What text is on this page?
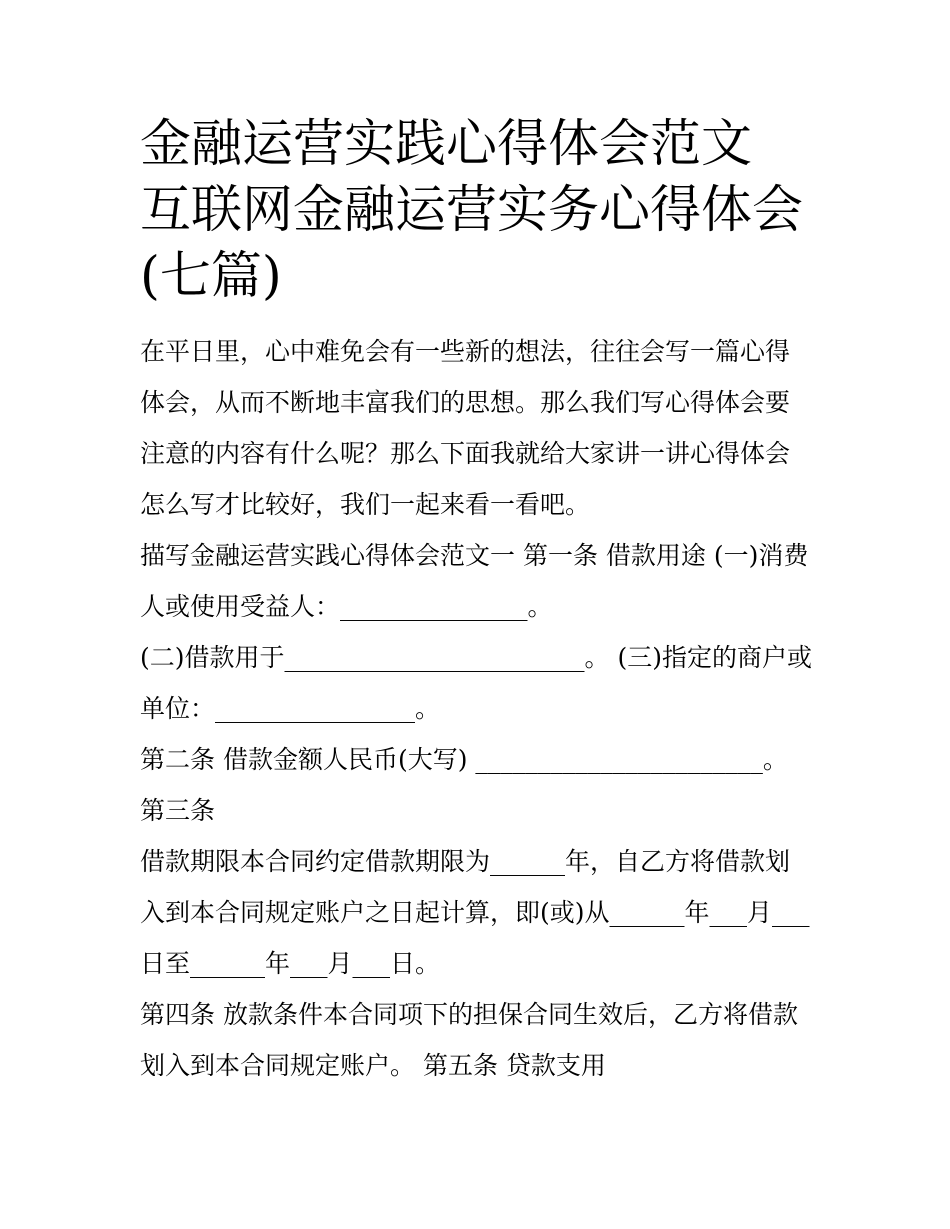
金融运营实践心得体会范文 互联网金融运营实务心得体会(七篇)

在平日里，心中难免会有一些新的想法，往往会写一篇心得体会，从而不断地丰富我们的思想。那么我们写心得体会要注意的内容有什么呢？那么下面我就给大家讲一讲心得体会怎么写才比较好，我们一起来看一看吧。

描写金融运营实践心得体会范文一 第一条 借款用途 (一)消费人或使用受益人：_______________。

(二)借款用于________________________。 (三)指定的商户或单位：________________。

第二条 借款金额人民币(大写) _______________________。 第三条

借款期限本合同约定借款期限为______年，自乙方将借款划入到本合同规定账户之日起计算，即(或)从______年___月___日至______年___月___日。

第四条 放款条件本合同项下的担保合同生效后，乙方将借款划入到本合同规定账户。 第五条 贷款支用
